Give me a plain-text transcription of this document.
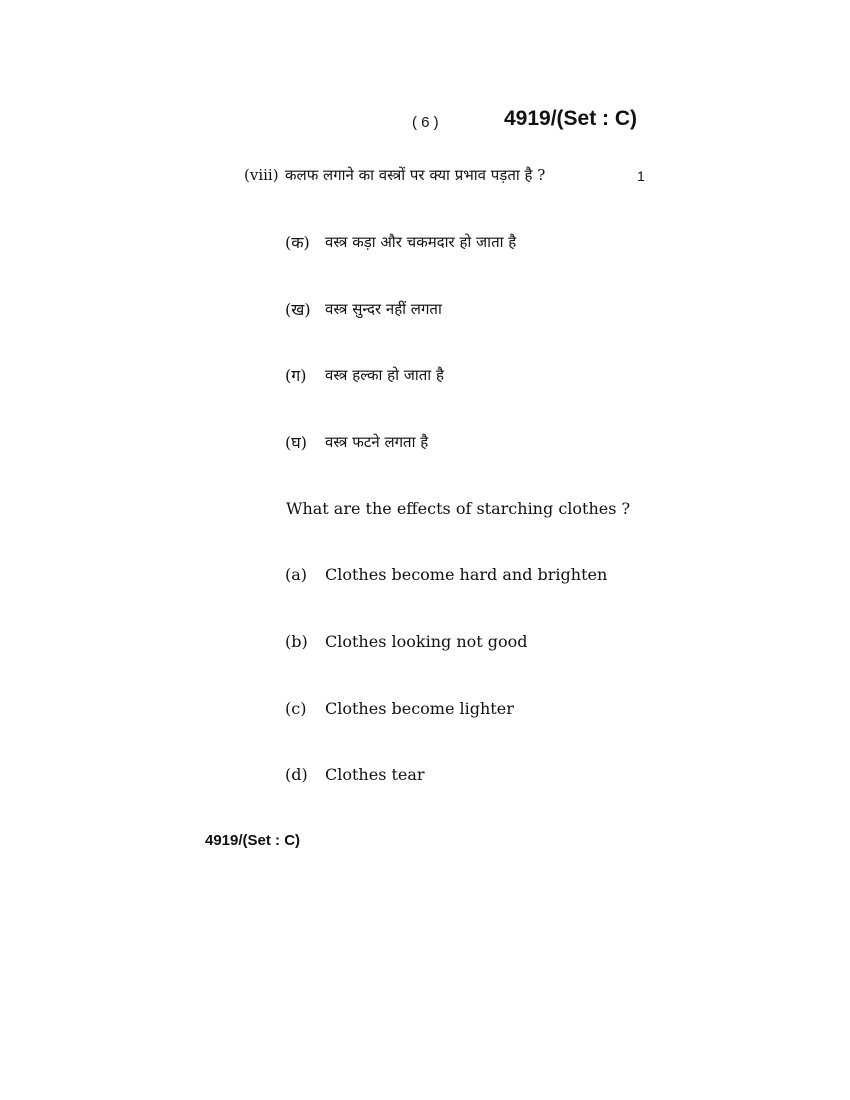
( 6 )	4919/(Set : C)
(viii) कलफ लगाने का वस्त्रों पर क्या प्रभाव पड़ता है ?	1
(क) वस्त्र कड़ा और चकमदार हो जाता है
(ख) वस्त्र सुन्दर नहीं लगता
(ग) वस्त्र हल्का हो जाता है
(घ) वस्त्र फटने लगता है
What are the effects of starching clothes ?
(a) Clothes become hard and brighten
(b) Clothes looking not good
(c) Clothes become lighter
(d) Clothes tear
4919/(Set : C)
